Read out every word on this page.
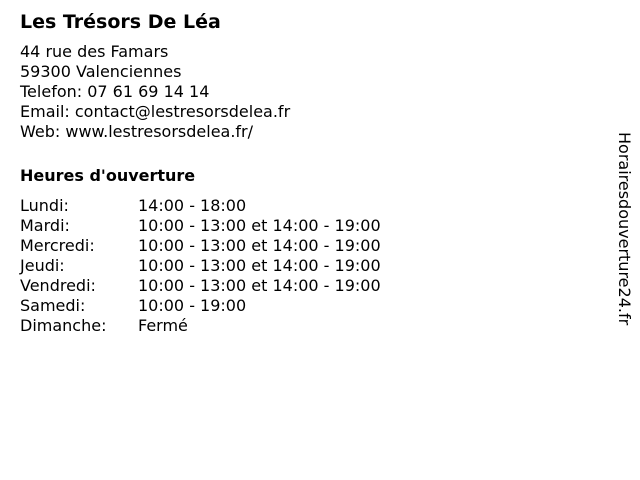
Les Trésors De Léa
44 rue des Famars
59300 Valenciennes
Telefon: 07 61 69 14 14
Email: contact@lestresorsdelea.fr
Web: www.lestresorsdelea.fr/
Heures d'ouverture
Lundi:	14:00 - 18:00
Mardi:	10:00 - 13:00 et 14:00 - 19:00
Mercredi:	10:00 - 13:00 et 14:00 - 19:00
Jeudi:	10:00 - 13:00 et 14:00 - 19:00
Vendredi:	10:00 - 13:00 et 14:00 - 19:00
Samedi:	10:00 - 19:00
Dimanche:	Fermé
Horairesdouverture24.fr
